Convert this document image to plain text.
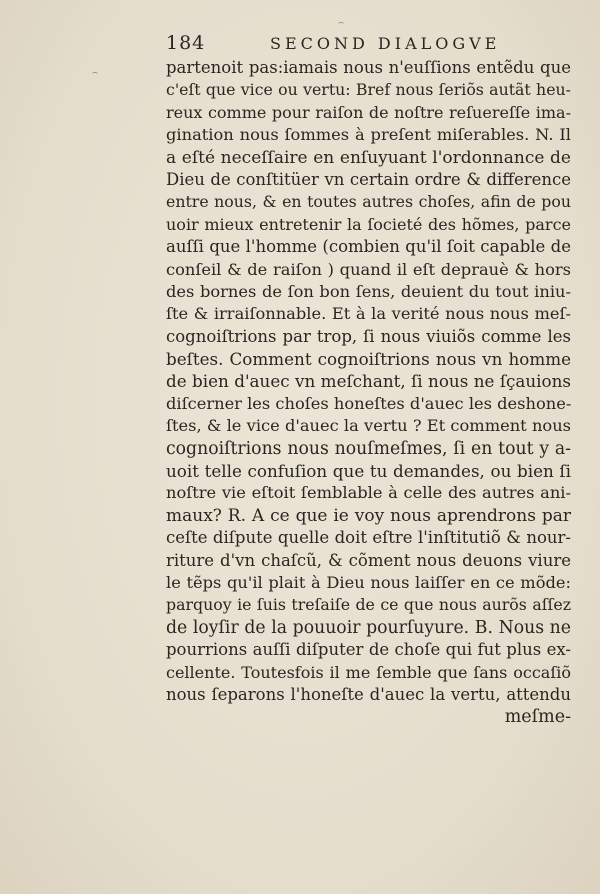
184	SECOND DIALOGVE
partenoit pas:iamais nous n'euſſions entẽdu que
c'eſt que vice ou vertu: Bref nous ſeriõs autãt heu-
reux comme pour raiſon de noſtre reſuereſſe ima-
gination nous ſommes à preſent miſerables. N. Il
a eſté neceſſaire en enſuyuant l'ordonnance de
Dieu de conſtitüer vn certain ordre & difference
entre nous, & en toutes autres choſes, afin de pou
uoir mieux entretenir la ſocieté des hõmes, parce
auſſi que l'homme (combien qu'il ſoit capable de
conſeil & de raiſon ) quand il eſt deprauè & hors
des bornes de ſon bon ſens, deuient du tout iniu-
ſte & irraiſonnable. Et à la verité nous nous meſ-
cognoiſtrions par trop, ſi nous viuiõs comme les
beſtes. Comment cognoiſtrions nous vn homme
de bien d'auec vn meſchant, ſi nous ne ſçauions
diſcerner les choſes honeſtes d'auec les deshone-
ſtes, & le vice d'auec la vertu ? Et comment nous
cognoiſtrions nous nouſmeſmes, ſi en tout y a-
uoit telle confuſion que tu demandes, ou bien ſi
noſtre vie eſtoit ſemblable à celle des autres ani-
maux? R. A ce que ie voy nous aprendrons par
ceſte diſpute quelle doit eſtre l'inſtitutiõ & nour-
riture d'vn chaſcũ, & cõment nous deuons viure
le tẽps qu'il plait à Dieu nous laiſſer en ce mõde:
parquoy ie ſuis treſaiſe de ce que nous aurõs aſſez
de loyſir de la pouuoir pourſuyure. B. Nous ne
pourrions auſſi diſputer de choſe qui fut plus ex-
cellente. Toutesfois il me ſemble que ſans occaſiõ
nous ſeparons l'honeſte d'auec la vertu, attendu
meſme-
